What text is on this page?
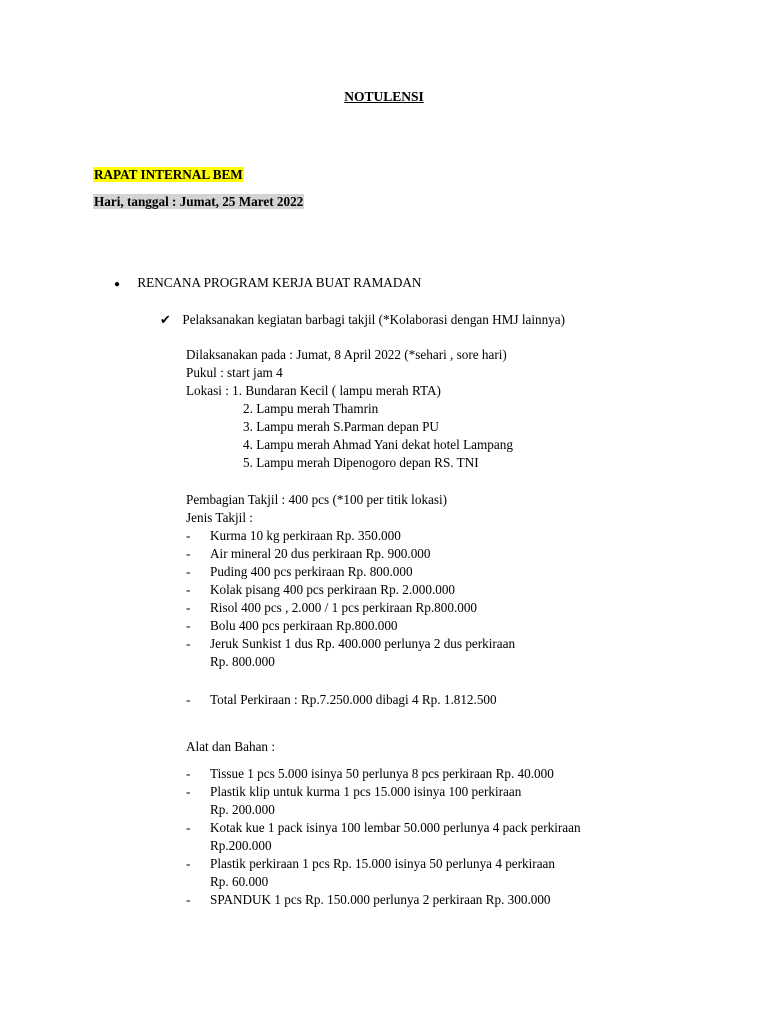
NOTULENSI
RAPAT INTERNAL BEM
Hari, tanggal : Jumat, 25 Maret 2022
● RENCANA PROGRAM KERJA BUAT RAMADAN
✔ Pelaksanakan kegiatan barbagi takjil (*Kolaborasi dengan HMJ lainnya)
Dilaksanakan pada : Jumat, 8 April 2022 (*sehari , sore hari)
Pukul : start jam 4
Lokasi : 1. Bundaran Kecil ( lampu merah RTA)
2. Lampu merah Thamrin
3. Lampu merah S.Parman depan PU
4. Lampu merah Ahmad Yani dekat hotel Lampang
5. Lampu merah Dipenogoro depan RS. TNI
Pembagian Takjil : 400 pcs (*100 per titik lokasi)
Jenis Takjil :
- Kurma 10 kg perkiraan Rp. 350.000
- Air mineral 20 dus perkiraan Rp. 900.000
- Puding 400 pcs perkiraan Rp. 800.000
- Kolak pisang 400 pcs perkiraan Rp. 2.000.000
- Risol 400 pcs , 2.000 / 1 pcs perkiraan Rp.800.000
- Bolu 400 pcs perkiraan Rp.800.000
- Jeruk Sunkist 1 dus Rp. 400.000 perlunya 2 dus perkiraan
Rp. 800.000
- Total Perkiraan : Rp.7.250.000 dibagi 4 Rp. 1.812.500
Alat dan Bahan :
- Tissue 1 pcs 5.000 isinya 50 perlunya 8 pcs perkiraan Rp. 40.000
- Plastik klip untuk kurma 1 pcs 15.000 isinya 100 perkiraan
Rp. 200.000
- Kotak kue 1 pack isinya 100 lembar 50.000 perlunya 4 pack perkiraan
Rp.200.000
- Plastik perkiraan 1 pcs Rp. 15.000 isinya 50 perlunya 4 perkiraan
Rp. 60.000
- SPANDUK 1 pcs Rp. 150.000 perlunya 2 perkiraan Rp. 300.000
